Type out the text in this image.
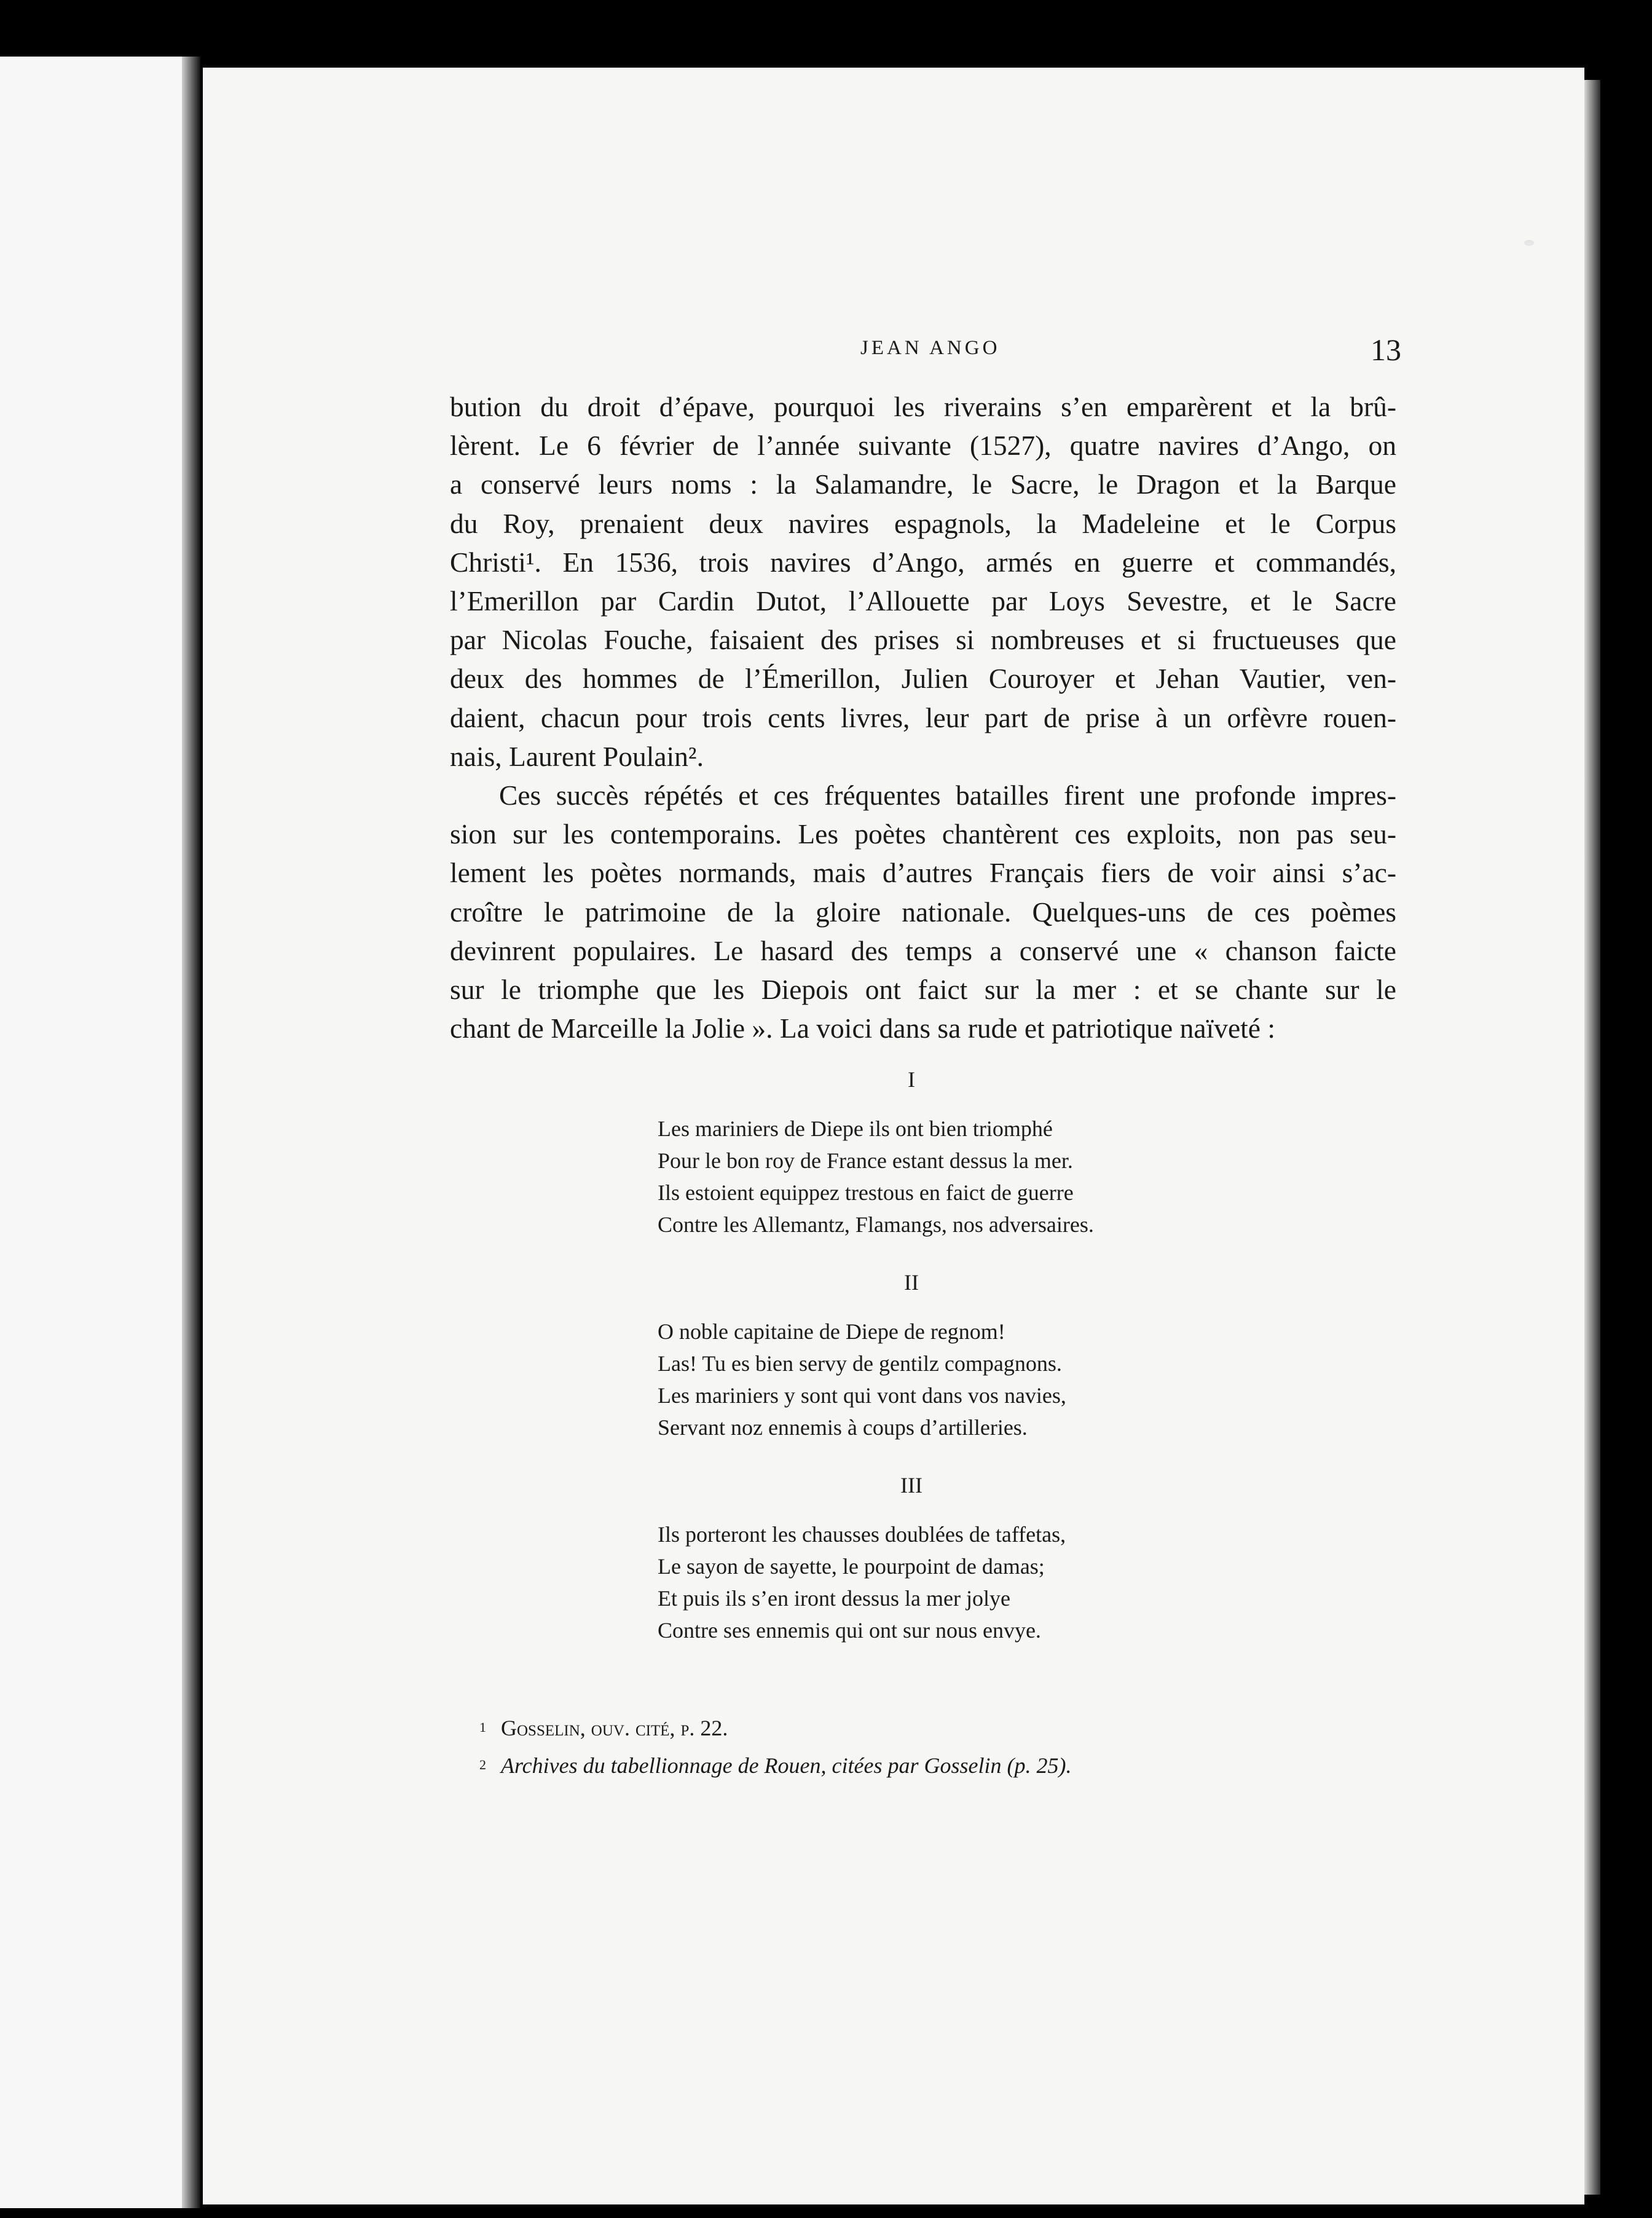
JEAN ANGO	13

bution du droit d’épave, pourquoi les riverains s’en emparèrent et la brû-
lèrent. Le 6 février de l’année suivante (1527), quatre navires d’Ango, on
a conservé leurs noms : la Salamandre, le Sacre, le Dragon et la Barque
du Roy, prenaient deux navires espagnols, la Madeleine et le Corpus
Christi¹. En 1536, trois navires d’Ango, armés en guerre et commandés,
l’Emerillon par Cardin Dutot, l’Allouette par Loys Sevestre, et le Sacre
par Nicolas Fouche, faisaient des prises si nombreuses et si fructueuses que
deux des hommes de l’Émerillon, Julien Couroyer et Jehan Vautier, ven-
daient, chacun pour trois cents livres, leur part de prise à un orfèvre rouen-
nais, Laurent Poulain².

Ces succès répétés et ces fréquentes batailles firent une profonde impres-
sion sur les contemporains. Les poètes chantèrent ces exploits, non pas seu-
lement les poètes normands, mais d’autres Français fiers de voir ainsi s’ac-
croître le patrimoine de la gloire nationale. Quelques-uns de ces poèmes
devinrent populaires. Le hasard des temps a conservé une « chanson faicte
sur le triomphe que les Diepois ont faict sur la mer : et se chante sur le
chant de Marceille la Jolie ». La voici dans sa rude et patriotique naïveté :

I
Les mariniers de Diepe ils ont bien triomphé
Pour le bon roy de France estant dessus la mer.
Ils estoient equippez trestous en faict de guerre
Contre les Allemantz, Flamangs, nos adversaires.
II
O noble capitaine de Diepe de regnom!
Las! Tu es bien servy de gentilz compagnons.
Les mariniers y sont qui vont dans vos navies,
Servant noz ennemis à coups d’artilleries.
III
Ils porteront les chausses doublées de taffetas,
Le sayon de sayette, le pourpoint de damas;
Et puis ils s’en iront dessus la mer jolye
Contre ses ennemis qui ont sur nous envye.
1 Gosselin, ouv. cité, p. 22.
2 Archives du tabellionnage de Rouen, citées par Gosselin (p. 25).
